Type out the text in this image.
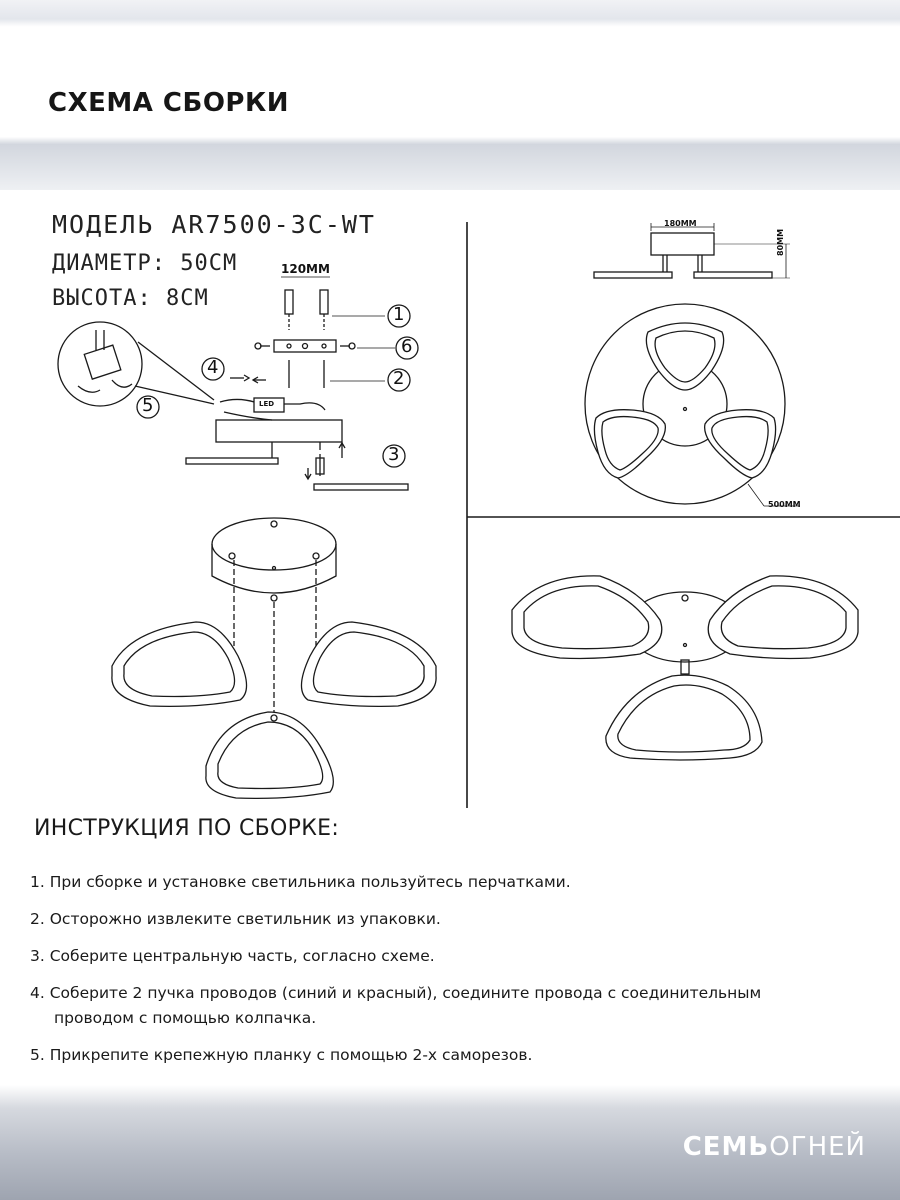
СХЕМА СБОРКИ
МОДЕЛЬ AR7500-3C-WT
ДИАМЕТР: 50СМ
ВЫСОТА: 8СМ
120ММ
180ММ
80ММ
500ММ
LED
1
6
2
3
4
5
ИНСТРУКЦИЯ ПО СБОРКЕ:
1. При сборке и установке светильника пользуйтесь перчатками.
2. Осторожно извлеките светильник из упаковки.
3. Соберите центральную часть, согласно схеме.
4. Соберите 2 пучка проводов (синий и красный), соедините провода с соединительным
проводом с помощью колпачка.
5. Прикрепите крепежную планку с помощью 2-х саморезов.
СЕМЬОГНЕЙ
